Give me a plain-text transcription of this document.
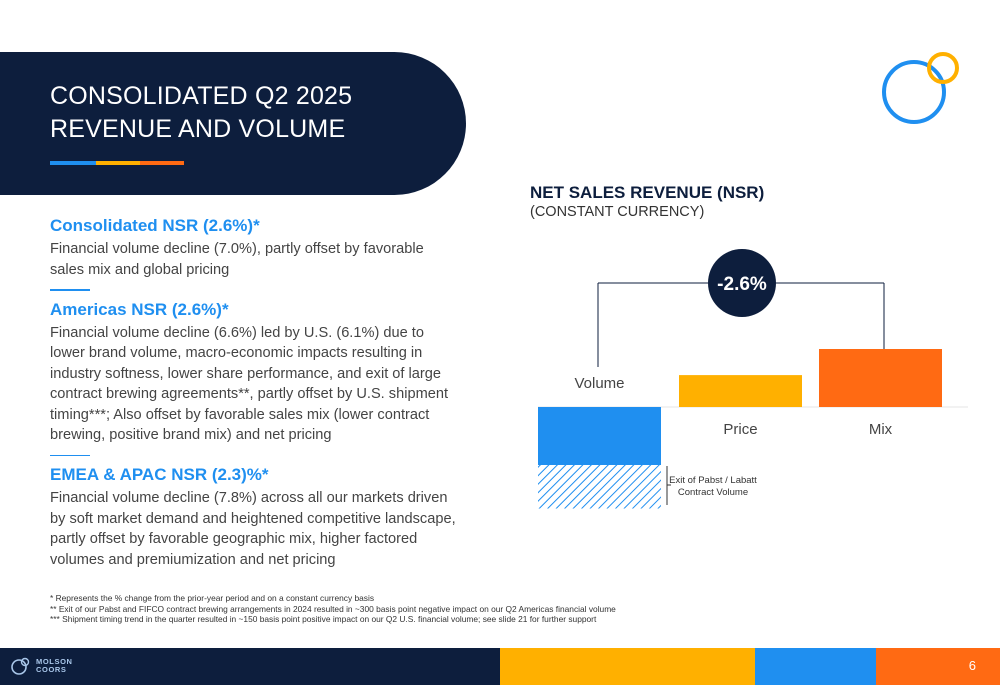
CONSOLIDATED Q2 2025
REVENUE AND VOLUME
Consolidated NSR (2.6%)*
Financial volume decline (7.0%), partly offset by favorable sales mix and global pricing
Americas NSR (2.6%)*
Financial volume decline (6.6%) led by U.S. (6.1%) due to lower brand volume, macro-economic impacts resulting in industry softness, lower share performance, and exit of large contract brewing agreements**, partly offset by U.S. shipment timing***; Also offset by favorable sales mix (lower contract brewing, positive brand mix) and net pricing
EMEA & APAC NSR (2.3)%*
Financial volume decline (7.8%) across all our markets driven by soft market demand and heightened competitive landscape, partly offset by favorable geographic mix, higher factored volumes and premiumization and net pricing
NET SALES REVENUE (NSR)
(CONSTANT CURRENCY)
-2.6%
Volume
Price	Mix
Exit of Pabst / Labatt
Contract Volume
* Represents the % change from the prior-year period and on a constant currency basis
** Exit of our Pabst and FIFCO contract brewing arrangements in 2024 resulted in ~300 basis point negative impact on our Q2 Americas financial volume
*** Shipment timing trend in the quarter resulted in ~150 basis point positive impact on our Q2 U.S. financial volume; see slide 21 for further support
MOLSON
COORS	6
